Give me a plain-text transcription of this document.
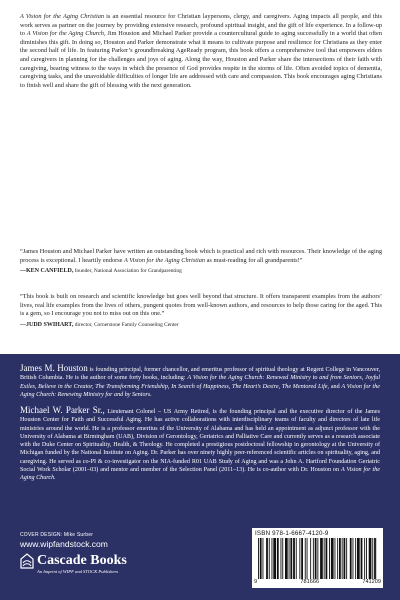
A Vision for the Aging Christian is an essential resource for Christian laypersons, clergy, and caregivers. Aging impacts all people, and this work serves as partner on the journey by providing extensive research, profound spiritual insight, and the gift of life experience. In a follow-up to A Vision for the Aging Church, Jim Houston and Michael Parker provide a countercultural guide to aging successfully in a world that often diminishes this gift. In doing so, Houston and Parker demonstrate what it means to cultivate purpose and resilience for Christians as they enter the second half of life. In featuring Parker’s groundbreaking AgeReady program, this book offers a comprehensive tool that empowers elders and caregivers in planning for the challenges and joys of aging. Along the way, Houston and Parker share the intersections of their faith with caregiving, bearing witness to the ways in which the presence of God provides respite in the storms of life. Often avoided topics of dementia, caregiving tasks, and the unavoidable difficulties of longer life are addressed with care and compassion. This book encourages aging Christians to finish well and share the gift of blessing with the next generation.

“James Houston and Michael Parker have written an outstanding book which is practical and rich with resources. Their knowledge of the aging process is exceptional. I heartily endorse A Vision for the Aging Christian as must-reading for all grandparents!”
—KEN CANFIELD, founder, National Association for Grandparenting
“This book is built on research and scientific knowledge but goes well beyond that structure. It offers transparent examples from the authors’ lives, real life examples from the lives of others, pungent quotes from well-known authors, and resources to help those caring for the aged. This is a gem, so I encourage you not to miss out on this one.”
—JUDD SWIHART, director, Cornerstone Family Counseling Center

James M. Houston is founding principal, former chancellor, and emeritus professor of spiritual theology at Regent College in Vancouver, British Columbia. He is the author of some forty books, including: A Vision for the Aging Church: Renewed Ministry to and from Seniors, Joyful Exiles, Believe in the Creator, The Transforming Friendship, In Search of Happiness, The Heart’s Desire, The Mentored Life, and A Vision for the Aging Church: Renewing Ministry for and by Seniors.

Michael W. Parker Sr., Lieutenant Colonel – US Army Retired, is the founding principal and the executive director of the James Houston Center for Faith and Successful Aging. He has active collaborations with interdisciplinary teams of faculty and directors of late life ministries around the world. He is a professor emeritus of the University of Alabama and has held an appointment as adjunct professor with the University of Alabama at Birmingham (UAB), Division of Gerontology, Geriatrics and Palliative Care and currently serves as a research associate with the Duke Center on Spirituality, Health, & Theology. He completed a prestigious postdoctoral fellowship in gerontology at the University of Michigan funded by the National Institute on Aging. Dr. Parker has over ninety highly peer-referenced scientific articles on spirituality, aging, and caregiving. He served as co-PI & co-investigator on the NIA-funded R01 UAB Study of Aging and was a John A. Hartford Foundation Geriatric Social Work Scholar (2001–03) and mentor and member of the Selection Panel (2011–13). He is co-author with Dr. Houston on A Vision for the Aging Church.

COVER DESIGN: Mike Surber
www.wipfandstock.com
Cascade Books
An Imprint of WIPF and STOCK Publishers
ISBN 978-1-6667-4120-9
9	781666	741209
